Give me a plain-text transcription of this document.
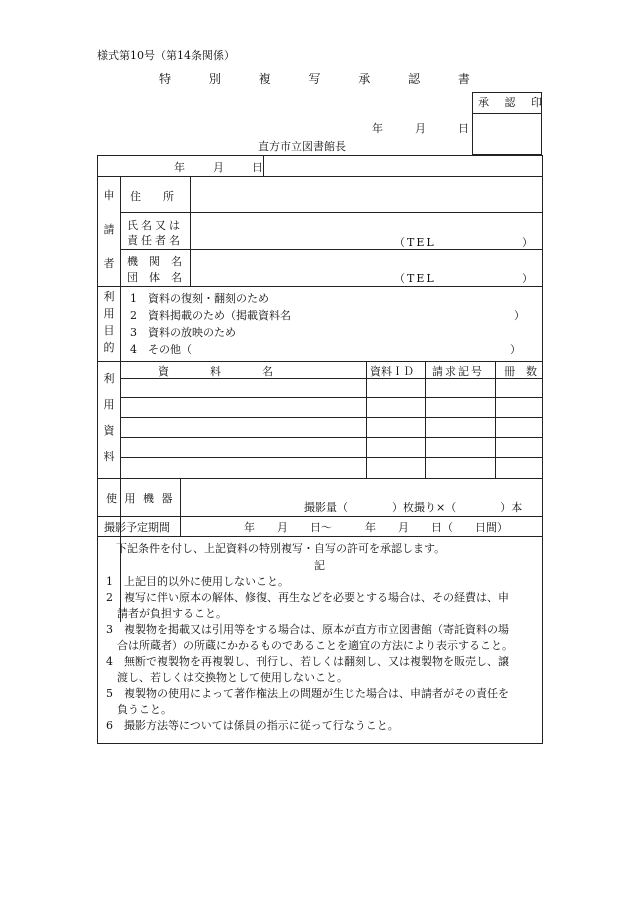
様式第10号（第14条関係）
特 別 複 写 承 認 書
承 認 印
年	月	日
直方市立図書館長
年	月	日
申
請
者
住　　所
氏名又は
責任者名	（TEL	）
機　関　名
団　体　名	（TEL	）
利
用
目
的
1　 資料の復刻・翻刻のため
2　 資料掲載のため（掲載資料名	）
3　 資料の放映のため
4　 その他（	）
利
用
資
料
資　　　料　　　名	資料ＩＤ 請求記号 冊　数
使 用 機 器
撮影量（　　　　）枚撮り×（　　　　）本
撮影予定期間	年　　月　　日〜　　　年　　月　　日（　　日間）
下記条件を付し、上記資料の特別複写・自写の許可を承認します。
記
1　上記目的以外に使用しないこと。
2　複写に伴い原本の解体、修復、再生などを必要とする場合は、その経費は、申
　請者が負担すること。
3　複製物を掲載又は引用等をする場合は、原本が直方市立図書館（寄託資料の場
　合は所蔵者）の所蔵にかかるものであることを適宜の方法により表示すること。
4　無断で複製物を再複製し、刊行し、若しくは翻刻し、又は複製物を販売し、譲
　渡し、若しくは交換物として使用しないこと。
5　複製物の使用によって著作権法上の問題が生じた場合は、申請者がその責任を
　負うこと。
6　撮影方法等については係員の指示に従って行なうこと。
